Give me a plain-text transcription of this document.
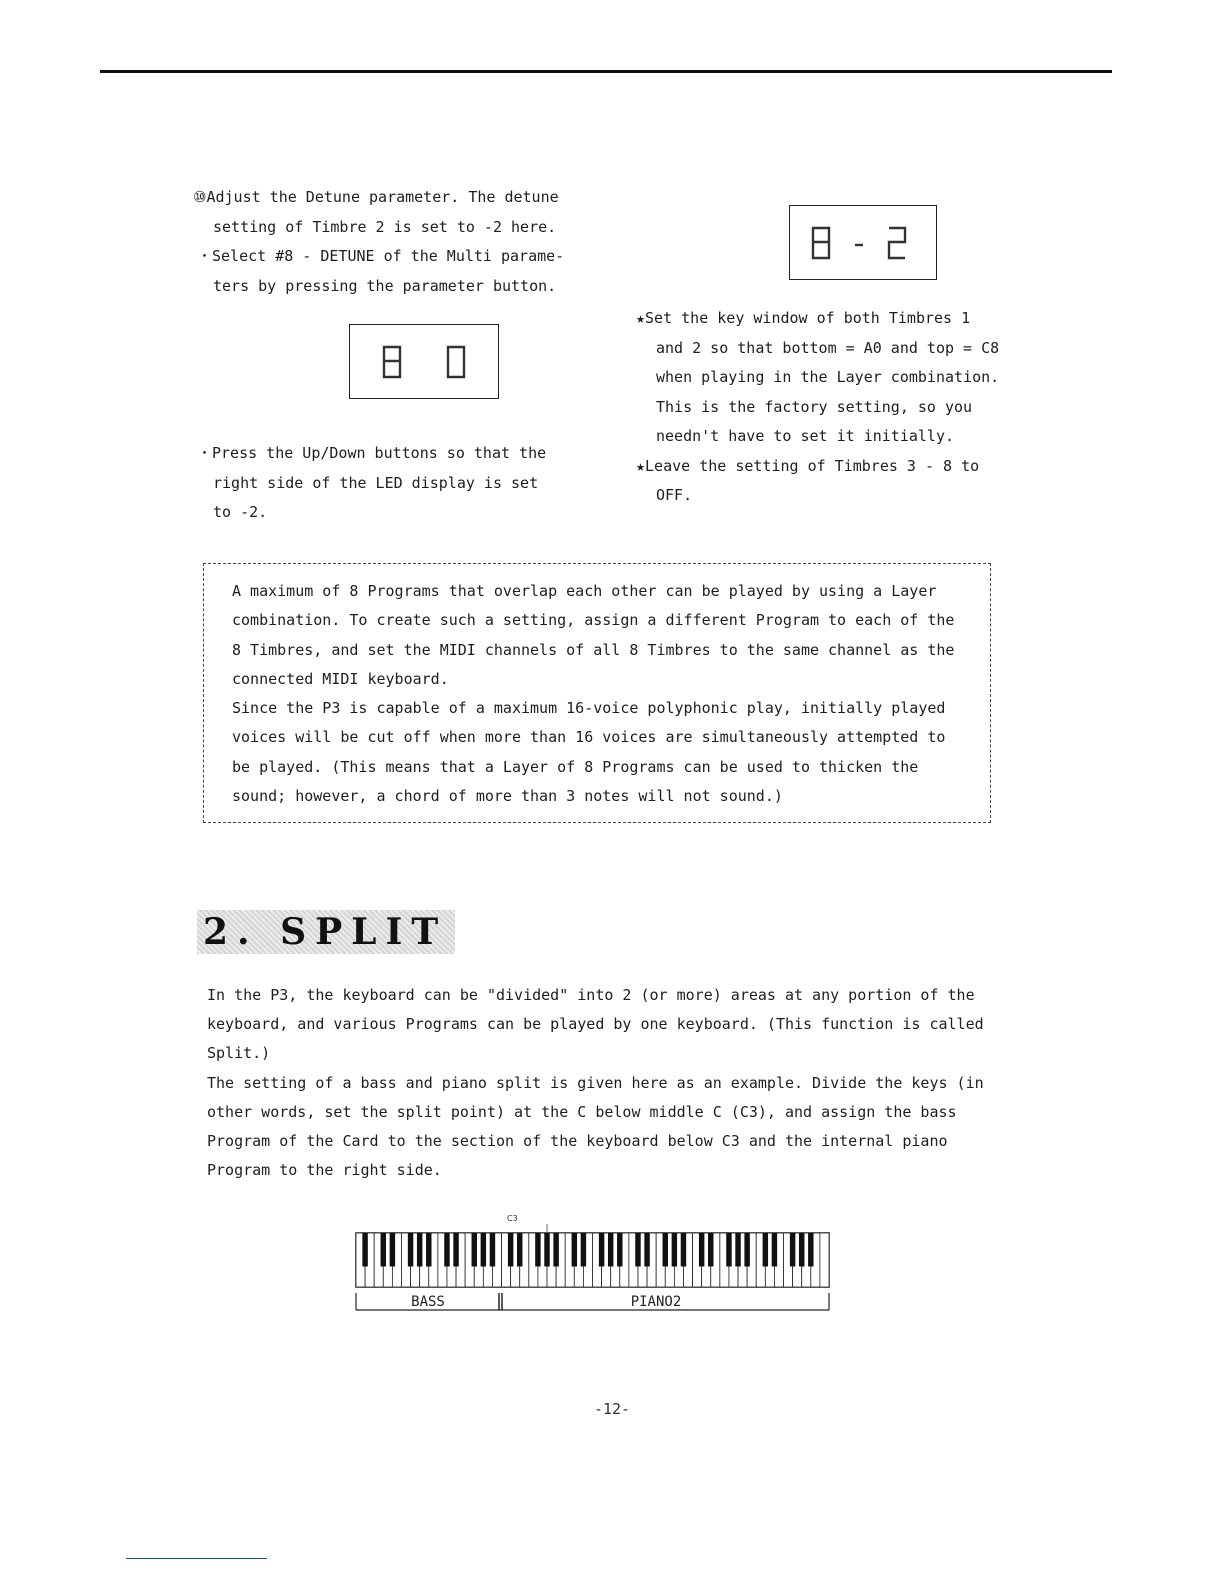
⑩Adjust the Detune parameter. The detune

setting of Timbre 2 is set to -2 here.

・Select #8 - DETUNE of the Multi parame-

ters by pressing the parameter button.

・Press the Up/Down buttons so that the

right side of the LED display is set

to -2.

★Set the key window of both Timbres 1

and 2 so that bottom = A0 and top = C8

when playing in the Layer combination.

This is the factory setting, so you

needn't have to set it initially.

★Leave the setting of Timbres 3 - 8 to

OFF.

A maximum of 8 Programs that overlap each other can be played by using a Layer

combination. To create such a setting, assign a different Program to each of the

8 Timbres, and set the MIDI channels of all 8 Timbres to the same channel as the

connected MIDI keyboard.

Since the P3 is capable of a maximum 16-voice polyphonic play, initially played

voices will be cut off when more than 16 voices are simultaneously attempted to

be played. (This means that a Layer of 8 Programs can be used to thicken the

sound; however, a chord of more than 3 notes will not sound.)

2. SPLIT

In the P3, the keyboard can be "divided" into 2 (or more) areas at any portion of the

keyboard, and various Programs can be played by one keyboard. (This function is called

Split.)

The setting of a bass and piano split is given here as an example. Divide the keys (in

other words, set the split point) at the C below middle C (C3), and assign the bass

Program of the Card to the section of the keyboard below C3 and the internal piano

Program to the right side.

C3
BASS	PIANO2
-12-
